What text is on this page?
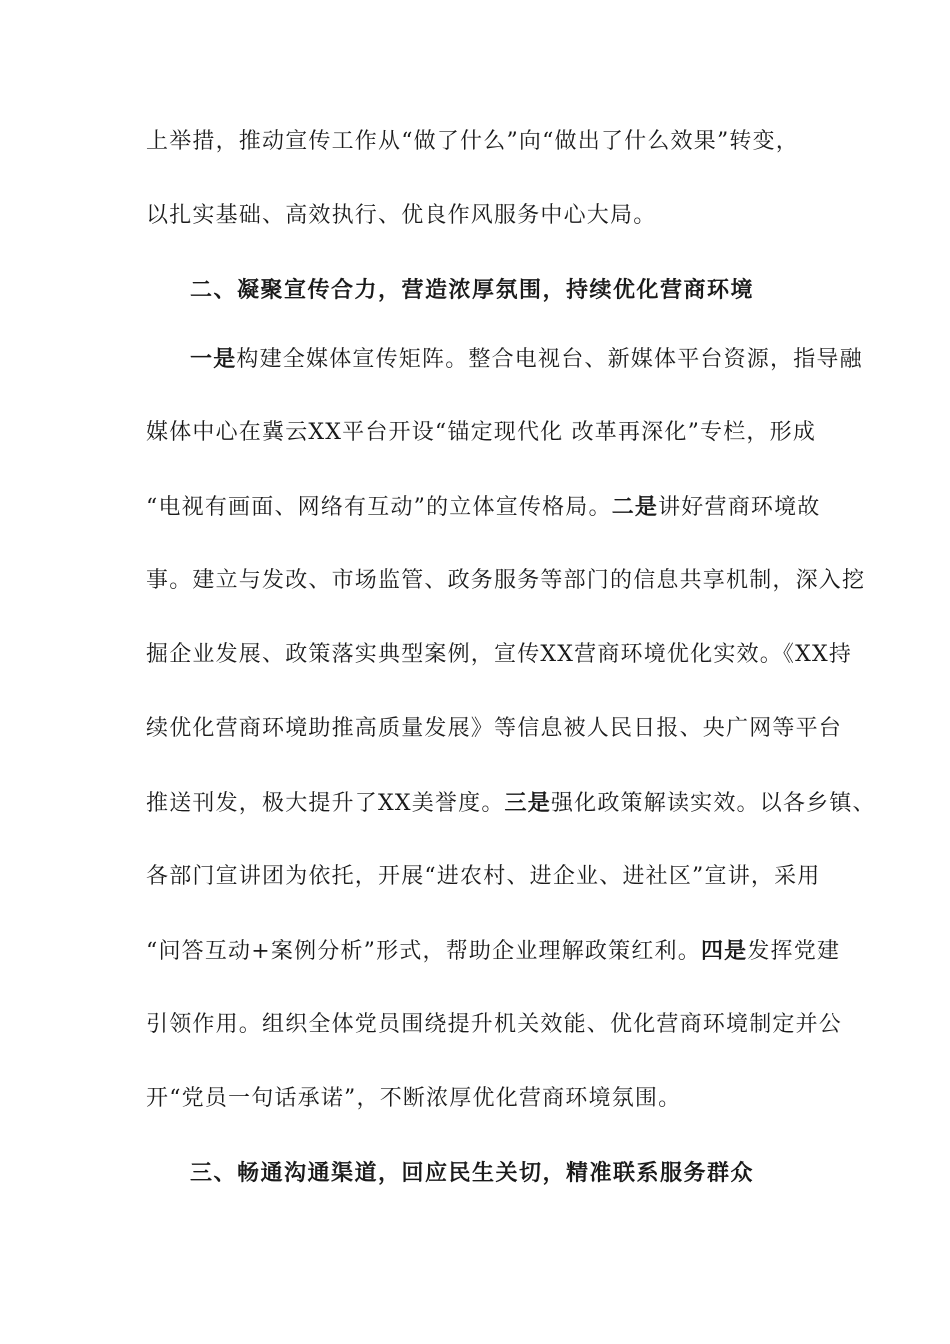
上举措，推动宣传工作从“做了什么”向“做出了什么效果”转变，
以扎实基础、高效执行、优良作风服务中心大局。
二、凝聚宣传合力，营造浓厚氛围，持续优化营商环境
一是构建全媒体宣传矩阵。整合电视台、新媒体平台资源，指导融
媒体中心在冀云XX平台开设“锚定现代化 改革再深化”专栏，形成
“电视有画面、网络有互动”的立体宣传格局。二是讲好营商环境故
事。建立与发改、市场监管、政务服务等部门的信息共享机制，深入挖
掘企业发展、政策落实典型案例，宣传XX营商环境优化实效。《XX持
续优化营商环境助推高质量发展》等信息被人民日报、央广网等平台
推送刊发，极大提升了XX美誉度。三是强化政策解读实效。以各乡镇、
各部门宣讲团为依托，开展“进农村、进企业、进社区”宣讲，采用
“问答互动+案例分析”形式，帮助企业理解政策红利。四是发挥党建
引领作用。组织全体党员围绕提升机关效能、优化营商环境制定并公
开“党员一句话承诺”，不断浓厚优化营商环境氛围。
三、畅通沟通渠道，回应民生关切，精准联系服务群众
